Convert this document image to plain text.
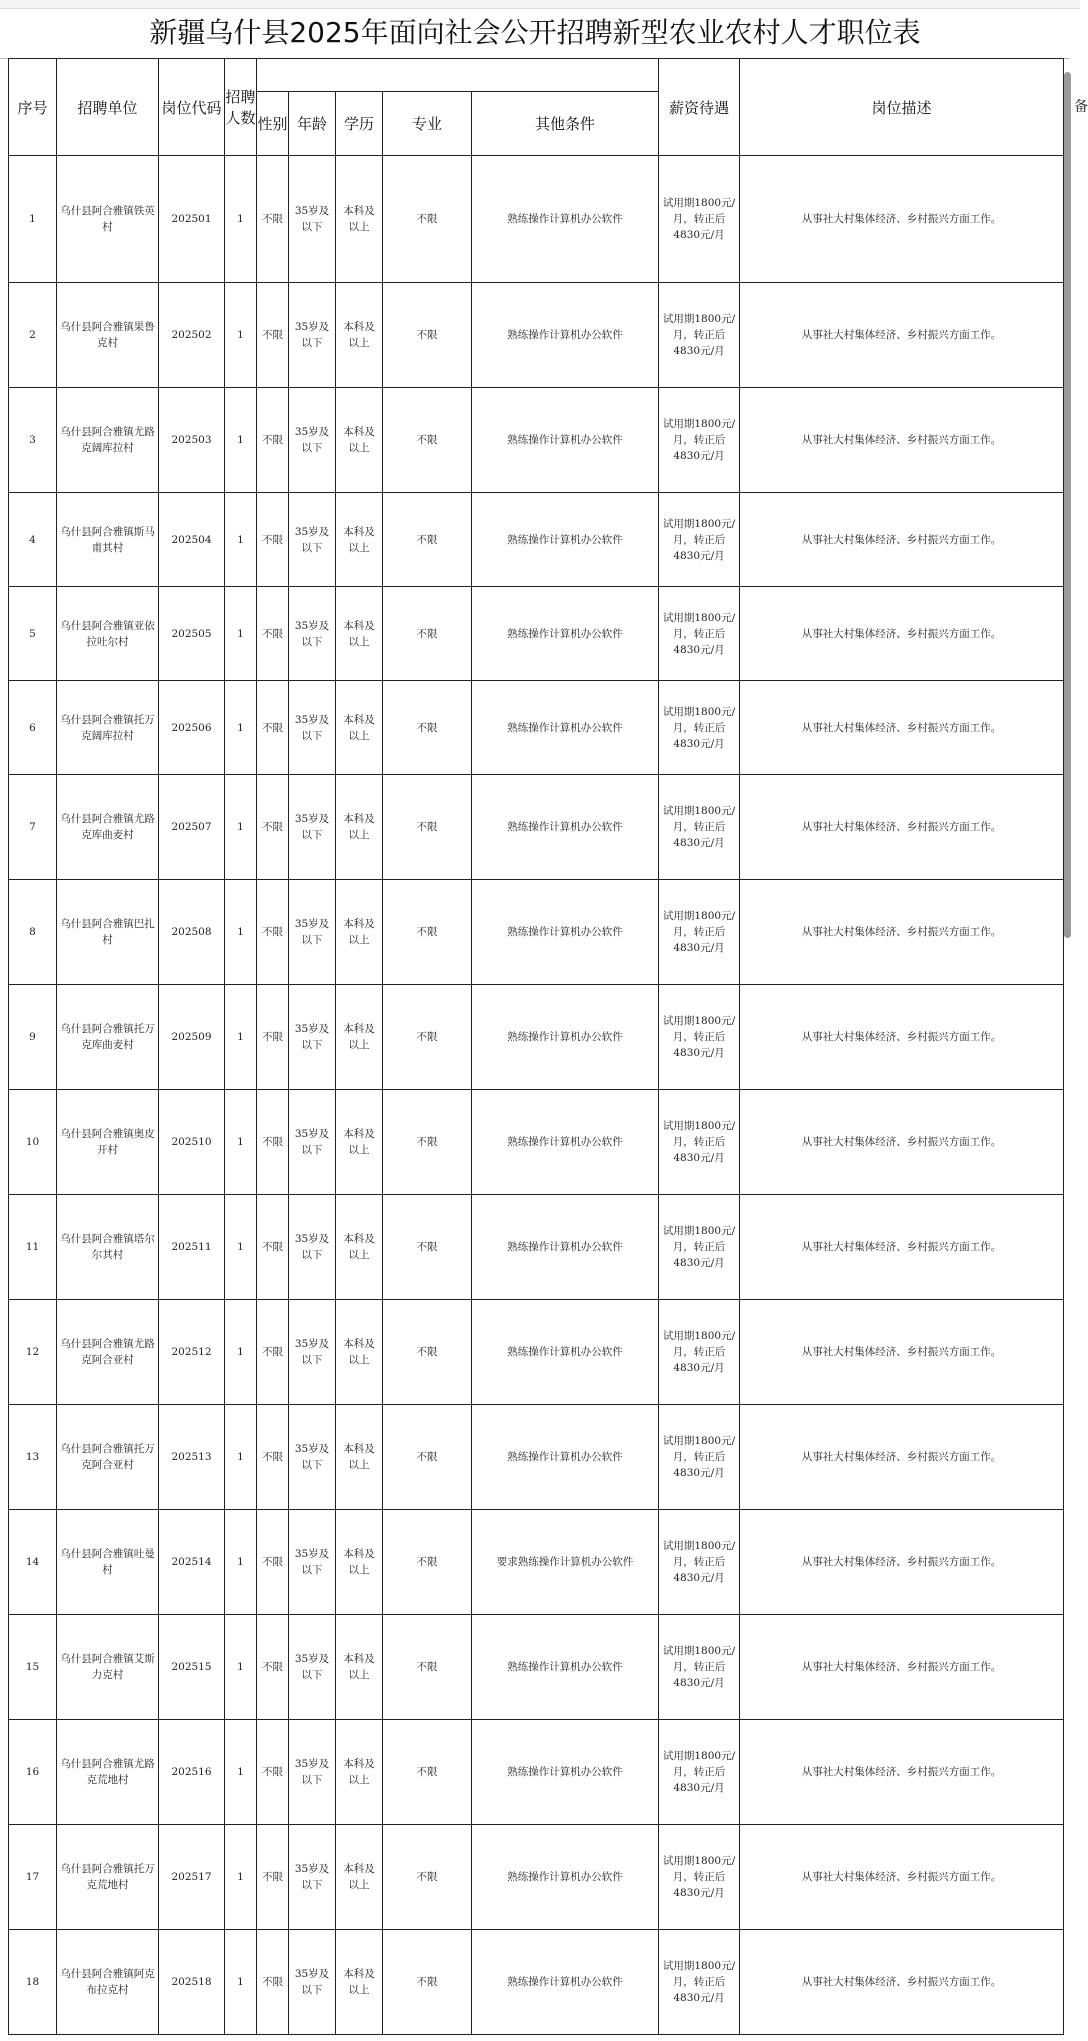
新疆乌什县2025年面向社会公开招聘新型农业农村人才职位表
序号	招聘单位	岗位代码	招聘人数						薪资待遇	岗位描述
				性别	年龄	学历	专业	其他条件		

1	乌什县阿合雅镇铁英村	202501	1	不限	35岁及以下	本科及以上	不限	熟练操作计算机办公软件	试用期1800元/月，转正后4830元/月	从事社大村集体经济、乡村振兴方面工作。

2	乌什县阿合雅镇果鲁克村	202502	1	不限	35岁及以下	本科及以上	不限	熟练操作计算机办公软件	试用期1800元/月，转正后4830元/月	从事社大村集体经济、乡村振兴方面工作。

3	乌什县阿合雅镇尤路克阔库拉村	202503	1	不限	35岁及以下	本科及以上	不限	熟练操作计算机办公软件	试用期1800元/月，转正后4830元/月	从事社大村集体经济、乡村振兴方面工作。

4	乌什县阿合雅镇斯马甫其村	202504	1	不限	35岁及以下	本科及以上	不限	熟练操作计算机办公软件	试用期1800元/月，转正后4830元/月	从事社大村集体经济、乡村振兴方面工作。

5	乌什县阿合雅镇亚依拉吐尔村	202505	1	不限	35岁及以下	本科及以上	不限	熟练操作计算机办公软件	试用期1800元/月，转正后4830元/月	从事社大村集体经济、乡村振兴方面工作。

6	乌什县阿合雅镇托万克阔库拉村	202506	1	不限	35岁及以下	本科及以上	不限	熟练操作计算机办公软件	试用期1800元/月，转正后4830元/月	从事社大村集体经济、乡村振兴方面工作。

7	乌什县阿合雅镇尤路克库曲麦村	202507	1	不限	35岁及以下	本科及以上	不限	熟练操作计算机办公软件	试用期1800元/月，转正后4830元/月	从事社大村集体经济、乡村振兴方面工作。

8	乌什县阿合雅镇巴扎村	202508	1	不限	35岁及以下	本科及以上	不限	熟练操作计算机办公软件	试用期1800元/月，转正后4830元/月	从事社大村集体经济、乡村振兴方面工作。

9	乌什县阿合雅镇托万克库曲麦村	202509	1	不限	35岁及以下	本科及以上	不限	熟练操作计算机办公软件	试用期1800元/月，转正后4830元/月	从事社大村集体经济、乡村振兴方面工作。

10	乌什县阿合雅镇奥皮开村	202510	1	不限	35岁及以下	本科及以上	不限	熟练操作计算机办公软件	试用期1800元/月，转正后4830元/月	从事社大村集体经济、乡村振兴方面工作。

11	乌什县阿合雅镇塔尔尔其村	202511	1	不限	35岁及以下	本科及以上	不限	熟练操作计算机办公软件	试用期1800元/月，转正后4830元/月	从事社大村集体经济、乡村振兴方面工作。

12	乌什县阿合雅镇尤路克阿合亚村	202512	1	不限	35岁及以下	本科及以上	不限	熟练操作计算机办公软件	试用期1800元/月，转正后4830元/月	从事社大村集体经济、乡村振兴方面工作。

13	乌什县阿合雅镇托万克阿合亚村	202513	1	不限	35岁及以下	本科及以上	不限	熟练操作计算机办公软件	试用期1800元/月，转正后4830元/月	从事社大村集体经济、乡村振兴方面工作。

14	乌什县阿合雅镇吐曼村	202514	1	不限	35岁及以下	本科及以上	不限	要求熟练操作计算机办公软件	试用期1800元/月，转正后4830元/月	从事社大村集体经济、乡村振兴方面工作。

15	乌什县阿合雅镇艾斯力克村	202515	1	不限	35岁及以下	本科及以上	不限	熟练操作计算机办公软件	试用期1800元/月，转正后4830元/月	从事社大村集体经济、乡村振兴方面工作。

16	乌什县阿合雅镇尤路克荒地村	202516	1	不限	35岁及以下	本科及以上	不限	熟练操作计算机办公软件	试用期1800元/月，转正后4830元/月	从事社大村集体经济、乡村振兴方面工作。

17	乌什县阿合雅镇托万克荒地村	202517	1	不限	35岁及以下	本科及以上	不限	熟练操作计算机办公软件	试用期1800元/月，转正后4830元/月	从事社大村集体经济、乡村振兴方面工作。

18	乌什县阿合雅镇阿克布拉克村	202518	1	不限	35岁及以下	本科及以上	不限	熟练操作计算机办公软件	试用期1800元/月，转正后4830元/月	从事社大村集体经济、乡村振兴方面工作。
备
